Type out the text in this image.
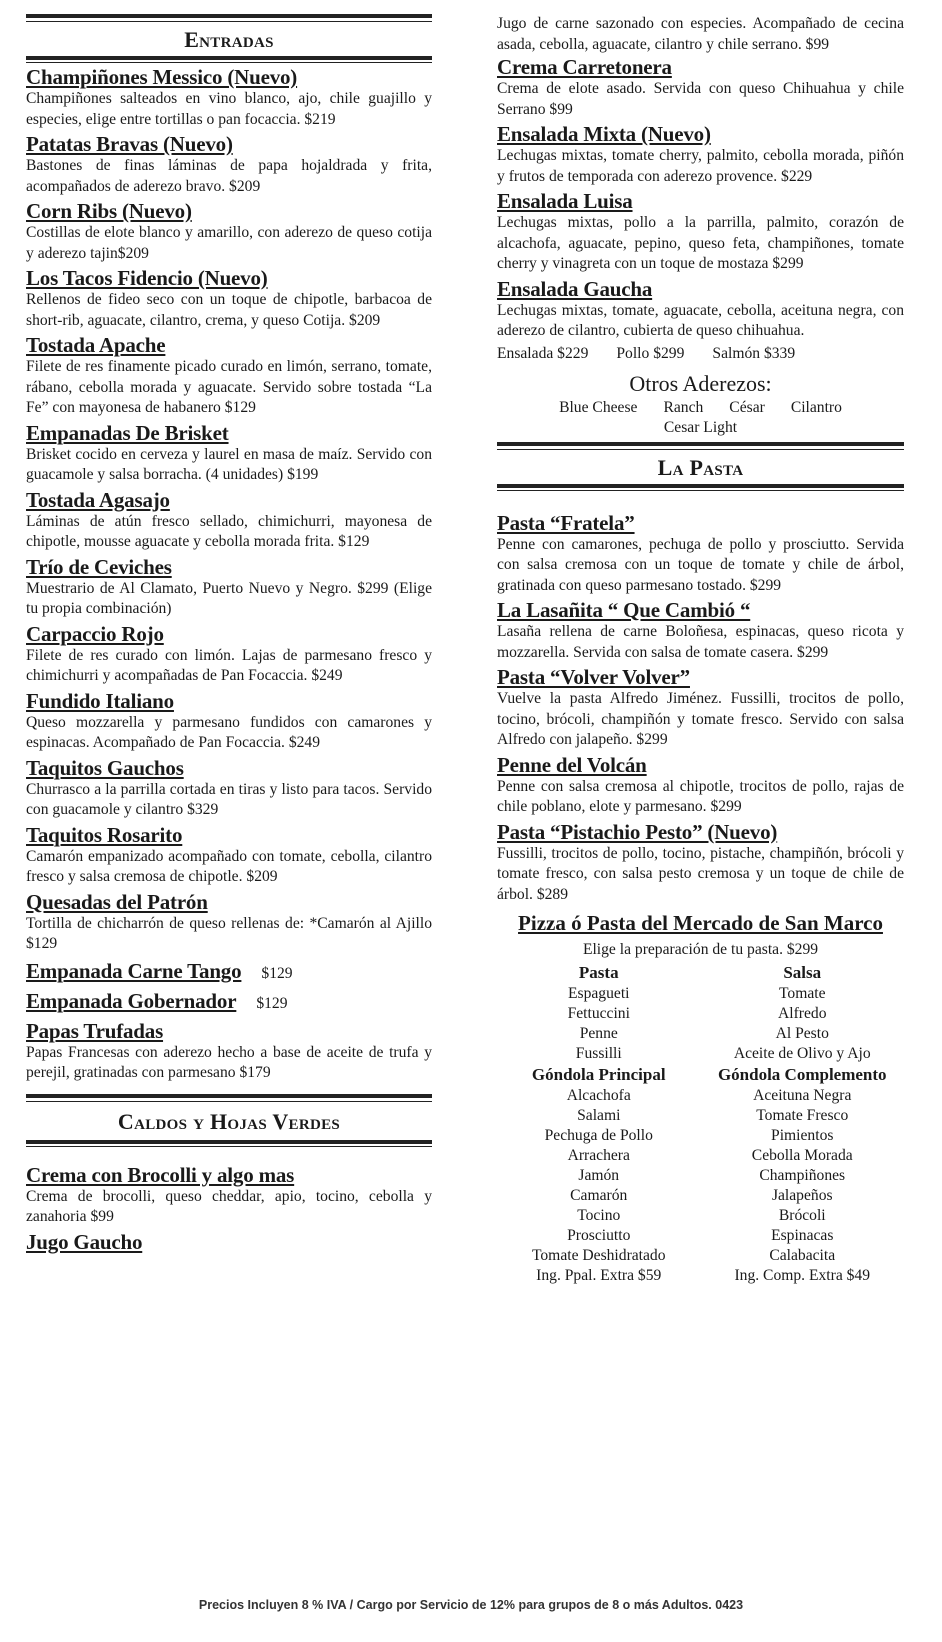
Entradas
Champiñones Messico (Nuevo)
Champiñones salteados en vino blanco, ajo, chile guajillo y especies, elige entre tortillas o pan focaccia. $219
Patatas Bravas (Nuevo)
Bastones de finas láminas de papa hojaldrada y frita, acompañados de aderezo bravo. $209
Corn Ribs (Nuevo)
Costillas de elote blanco y amarillo, con aderezo de queso cotija y aderezo tajin$209
Los Tacos Fidencio (Nuevo)
Rellenos de fideo seco con un toque de chipotle, barbacoa de short-rib, aguacate, cilantro, crema, y queso Cotija. $209
Tostada Apache
Filete de res finamente picado curado en limón, serrano, tomate, rábano, cebolla morada y aguacate. Servido sobre tostada “La Fe” con mayonesa de habanero $129
Empanadas De Brisket
Brisket cocido en cerveza y laurel en masa de maíz. Servido con guacamole y salsa borracha. (4 unidades) $199
Tostada Agasajo
Láminas de atún fresco sellado, chimichurri, mayonesa de chipotle, mousse aguacate y cebolla morada frita. $129
Trío de Ceviches
Muestrario de Al Clamato, Puerto Nuevo y Negro. $299 (Elige tu propia combinación)
Carpaccio Rojo
Filete de res curado con limón. Lajas de parmesano fresco y chimichurri y acompañadas de Pan Focaccia. $249
Fundido Italiano
Queso mozzarella y parmesano fundidos con camarones y espinacas. Acompañado de Pan Focaccia. $249
Taquitos Gauchos
Churrasco a la parrilla cortada en tiras y listo para tacos. Servido con guacamole y cilantro $329
Taquitos Rosarito
Camarón empanizado acompañado con tomate, cebolla, cilantro fresco y salsa cremosa de chipotle. $209
Quesadas del Patrón
Tortilla de chicharrón de queso rellenas de: *Camarón al Ajillo $129
Empanada Carne Tango $129
Empanada Gobernador $129
Papas Trufadas
Papas Francesas con aderezo hecho a base de aceite de trufa y perejil, gratinadas con parmesano $179
Caldos y Hojas Verdes
Crema con Brocolli y algo mas
Crema de brocolli, queso cheddar, apio, tocino, cebolla y zanahoria $99
Jugo Gaucho
Jugo de carne sazonado con especies. Acompañado de cecina asada, cebolla, aguacate, cilantro y chile serrano. $99
Crema Carretonera
Crema de elote asado. Servida con queso Chihuahua y chile Serrano $99
Ensalada Mixta (Nuevo)
Lechugas mixtas, tomate cherry, palmito, cebolla morada, piñón y frutos de temporada con aderezo provence. $229
Ensalada Luisa
Lechugas mixtas, pollo a la parrilla, palmito, corazón de alcachofa, aguacate, pepino, queso feta, champiñones, tomate cherry y vinagreta con un toque de mostaza $299
Ensalada Gaucha
Lechugas mixtas, tomate, aguacate, cebolla, aceituna negra, con aderezo de cilantro, cubierta de queso chihuahua.
Ensalada $229 Pollo $299 Salmón $339
Otros Aderezos:
Blue Cheese Ranch César Cilantro
Cesar Light
La Pasta
Pasta “Fratela”
Penne con camarones, pechuga de pollo y prosciutto. Servida con salsa cremosa con un toque de tomate y chile de árbol, gratinada con queso parmesano tostado. $299
La Lasañita “ Que Cambió “
Lasaña rellena de carne Boloñesa, espinacas, queso ricota y mozzarella. Servida con salsa de tomate casera. $299
Pasta “Volver Volver”
Vuelve la pasta Alfredo Jiménez. Fussilli, trocitos de pollo, tocino, brócoli, champiñón y tomate fresco. Servido con salsa Alfredo con jalapeño. $299
Penne del Volcán
Penne con salsa cremosa al chipotle, trocitos de pollo, rajas de chile poblano, elote y parmesano. $299
Pasta “Pistachio Pesto” (Nuevo)
Fussilli, trocitos de pollo, tocino, pistache, champiñón, brócoli y tomate fresco, con salsa pesto cremosa y un toque de chile de árbol. $289
Pizza ó Pasta del Mercado de San Marco
Elige la preparación de tu pasta. $299
Pasta	Salsa
Espagueti	Tomate
Fettuccini	Alfredo
Penne	Al Pesto
Fussilli	Aceite de Olivo y Ajo
Góndola Principal	Góndola Complemento
Alcachofa	Aceituna Negra
Salami	Tomate Fresco
Pechuga de Pollo	Pimientos
Arrachera	Cebolla Morada
Jamón	Champiñones
Camarón	Jalapeños
Tocino	Brócoli
Prosciutto	Espinacas
Tomate Deshidratado	Calabacita
Ing. Ppal. Extra $59	Ing. Comp. Extra $49
Precios Incluyen 8 % IVA / Cargo por Servicio de 12% para grupos de 8 o más Adultos. 0423
